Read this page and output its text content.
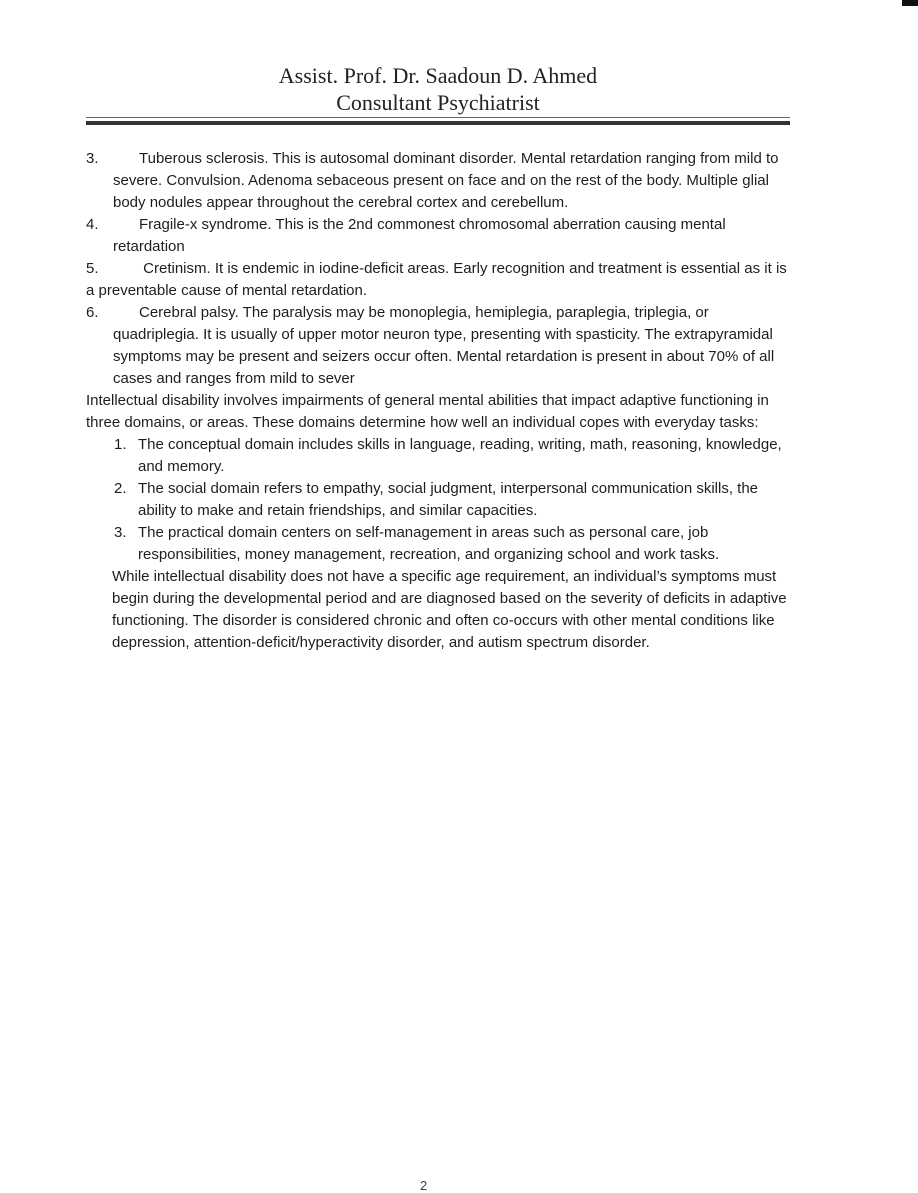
Assist. Prof. Dr. Saadoun D. Ahmed
Consultant Psychiatrist
3.	Tuberous sclerosis. This is autosomal dominant disorder. Mental retardation ranging from mild to severe. Convulsion. Adenoma sebaceous present on face and on the rest of the body. Multiple glial body nodules appear throughout the cerebral cortex and cerebellum.
4.	Fragile-x syndrome. This is the 2nd commonest chromosomal aberration causing mental retardation
5.	Cretinism. It is endemic in iodine-deficit areas. Early recognition and treatment is essential as it is a preventable cause of mental retardation.
6.	Cerebral palsy. The paralysis may be monoplegia, hemiplegia, paraplegia, triplegia, or quadriplegia. It is usually of upper motor neuron type, presenting with spasticity. The extrapyramidal symptoms may be present and seizers occur often. Mental retardation is present in about 70% of all cases and ranges from mild to sever

Intellectual disability involves impairments of general mental abilities that impact adaptive functioning in three domains, or areas. These domains determine how well an individual copes with everyday tasks:

1. The conceptual domain includes skills in language, reading, writing, math, reasoning, knowledge, and memory.
2. The social domain refers to empathy, social judgment, interpersonal communication skills, the ability to make and retain friendships, and similar capacities.
3. The practical domain centers on self-management in areas such as personal care, job responsibilities, money management, recreation, and organizing school and work tasks.

While intellectual disability does not have a specific age requirement, an individual’s symptoms must begin during the developmental period and are diagnosed based on the severity of deficits in adaptive functioning. The disorder is considered chronic and often co-occurs with other mental conditions like depression, attention-deficit/hyperactivity disorder, and autism spectrum disorder.

2
